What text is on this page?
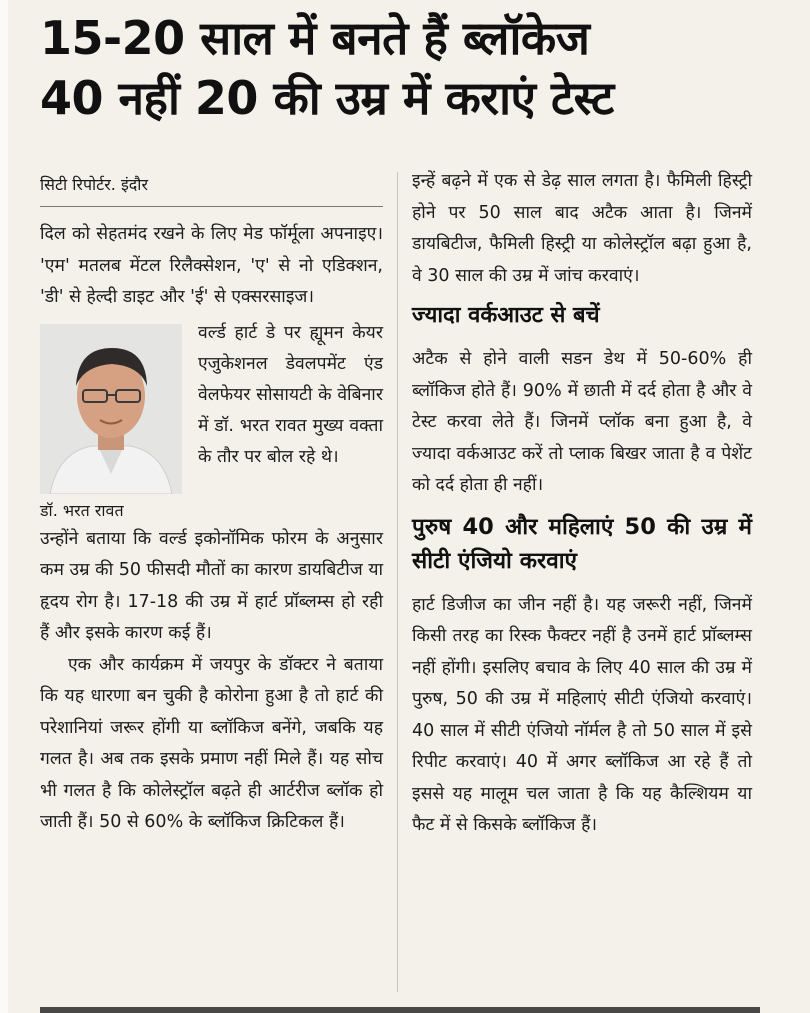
15-20 साल में बनते हैं ब्लॉकेज
40 नहीं 20 की उम्र में कराएं टेस्ट
सिटी रिपोर्टर. इंदौर

दिल को सेहतमंद रखने के लिए मेड फॉर्मूला अपनाइए। 'एम' मतलब मेंटल रिलैक्सेशन, 'ए' से नो एडिक्शन, 'डी' से हेल्दी डाइट और 'ई' से एक्सरसाइज।

डॉ. भरत रावत
वर्ल्ड हार्ट डे पर ह्यूमन केयर एजुकेशनल डेवलपमेंट एंड वेलफेयर सोसायटी के वेबिनार में डॉ. भरत रावत मुख्य वक्ता के तौर पर बोल रहे थे।

उन्होंने बताया कि वर्ल्ड इकोनॉमिक फोरम के अनुसार कम उम्र की 50 फीसदी मौतों का कारण डायबिटीज या हृदय रोग है। 17-18 की उम्र में हार्ट प्रॉब्लम्स हो रही हैं और इसके कारण कई हैं।

एक और कार्यक्रम में जयपुर के डॉक्टर ने बताया कि यह धारणा बन चुकी है कोरोना हुआ है तो हार्ट की परेशानियां जरूर होंगी या ब्लॉकिज बनेंगे, जबकि यह गलत है। अब तक इसके प्रमाण नहीं मिले हैं। यह सोच भी गलत है कि कोलेस्ट्रॉल बढ़ते ही आर्टरीज ब्लॉक हो जाती हैं। 50 से 60% के ब्लॉकिज क्रिटिकल हैं।

इन्हें बढ़ने में एक से डेढ़ साल लगता है। फैमिली हिस्ट्री होने पर 50 साल बाद अटैक आता है। जिनमें डायबिटीज, फैमिली हिस्ट्री या कोलेस्ट्रॉल बढ़ा हुआ है, वे 30 साल की उम्र में जांच करवाएं।

ज्यादा वर्कआउट से बचें

अटैक से होने वाली सडन डेथ में 50-60% ही ब्लॉकिज होते हैं। 90% में छाती में दर्द होता है और वे टेस्ट करवा लेते हैं। जिनमें प्लॉक बना हुआ है, वे ज्यादा वर्कआउट करें तो प्लाक बिखर जाता है व पेशेंट को दर्द होता ही नहीं।

पुरुष 40 और महिलाएं 50 की उम्र में सीटी एंजियो करवाएं

हार्ट डिजीज का जीन नहीं है। यह जरूरी नहीं, जिनमें किसी तरह का रिस्क फैक्टर नहीं है उनमें हार्ट प्रॉब्लम्स नहीं होंगी। इसलिए बचाव के लिए 40 साल की उम्र में पुरुष, 50 की उम्र में महिलाएं सीटी एंजियो करवाएं। 40 साल में सीटी एंजियो नॉर्मल है तो 50 साल में इसे रिपीट करवाएं। 40 में अगर ब्लॉकिज आ रहे हैं तो इससे यह मालूम चल जाता है कि यह कैल्शियम या फैट में से किसके ब्लॉकिज हैं।
